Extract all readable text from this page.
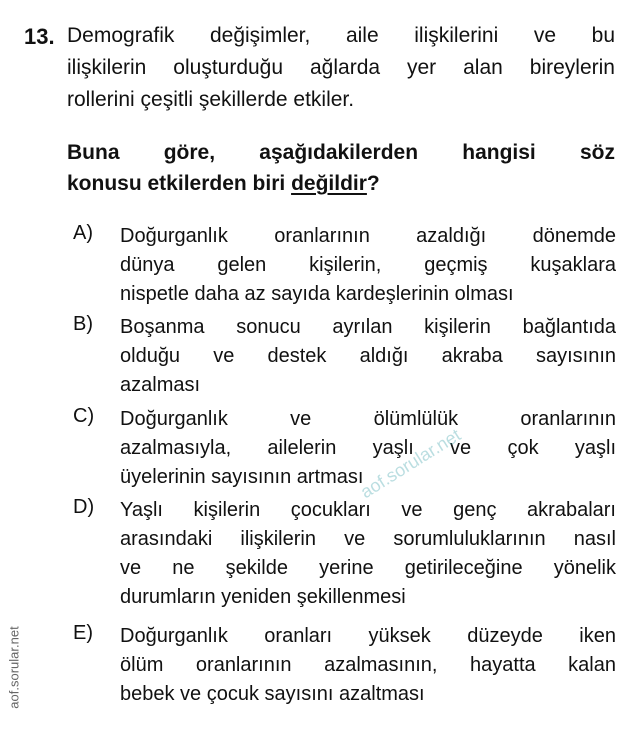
13. Demografik değişimler, aile ilişkilerini ve bu
ilişkilerin oluşturduğu ağlarda yer alan bireylerin
rollerini çeşitli şekillerde etkiler.
Buna göre, aşağıdakilerden hangisi söz
konusu etkilerden biri değildir?
A) Doğurganlık oranlarının azaldığı dönemde
dünya gelen kişilerin, geçmiş kuşaklara
nispetle daha az sayıda kardeşlerinin olması
B) Boşanma sonucu ayrılan kişilerin bağlantıda
olduğu ve destek aldığı akraba sayısının
azalması
C) Doğurganlık ve ölümlülük oranlarının
azalmasıyla, ailelerin yaşlı ve çok yaşlı
üyelerinin sayısının artması
D) Yaşlı kişilerin çocukları ve genç akrabaları
arasındaki ilişkilerin ve sorumluluklarının nasıl
ve ne şekilde yerine getirileceğine yönelik
durumların yeniden şekillenmesi
E) Doğurganlık oranları yüksek düzeyde iken
ölüm oranlarının azalmasının, hayatta kalan
bebek ve çocuk sayısını azaltması
aof.sorular.net
aof.sorular.net
